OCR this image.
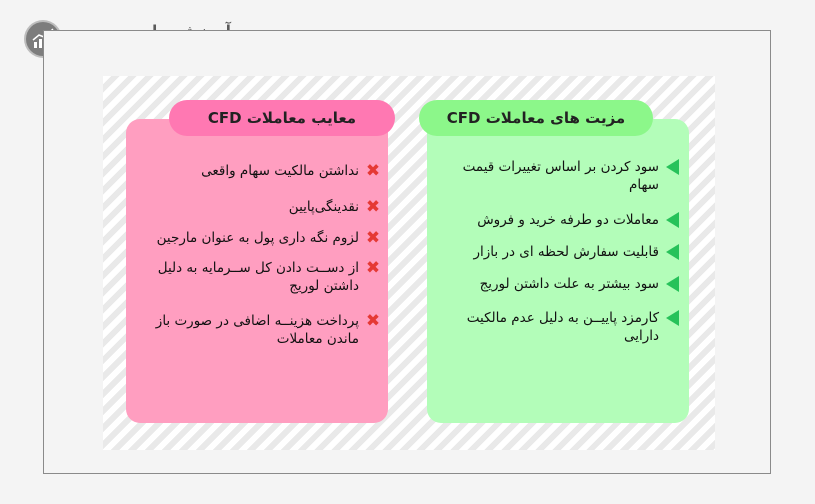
مزیت های معاملات CFD
معایب معاملات CFD
سود کردن بر اساس تغییرات قیمت سهام
معاملات دو طرفه خرید و فروش
قابلیت سفارش لحظه ای در بازار
سود بیشتر به علت داشتن لوریج
کارمزد پاییــن به دلیل عدم مالکیت دارایی
✖
نداشتن مالکیت سهام واقعی
✖
نقدینگی‌پایین
✖
لزوم نگه داری پول به عنوان مارجین
✖
از دســت دادن کل ســرمایه به دلیل داشتن لوریج
✖
پرداخت هزینــه اضافی در صورت باز ماندن معاملات
